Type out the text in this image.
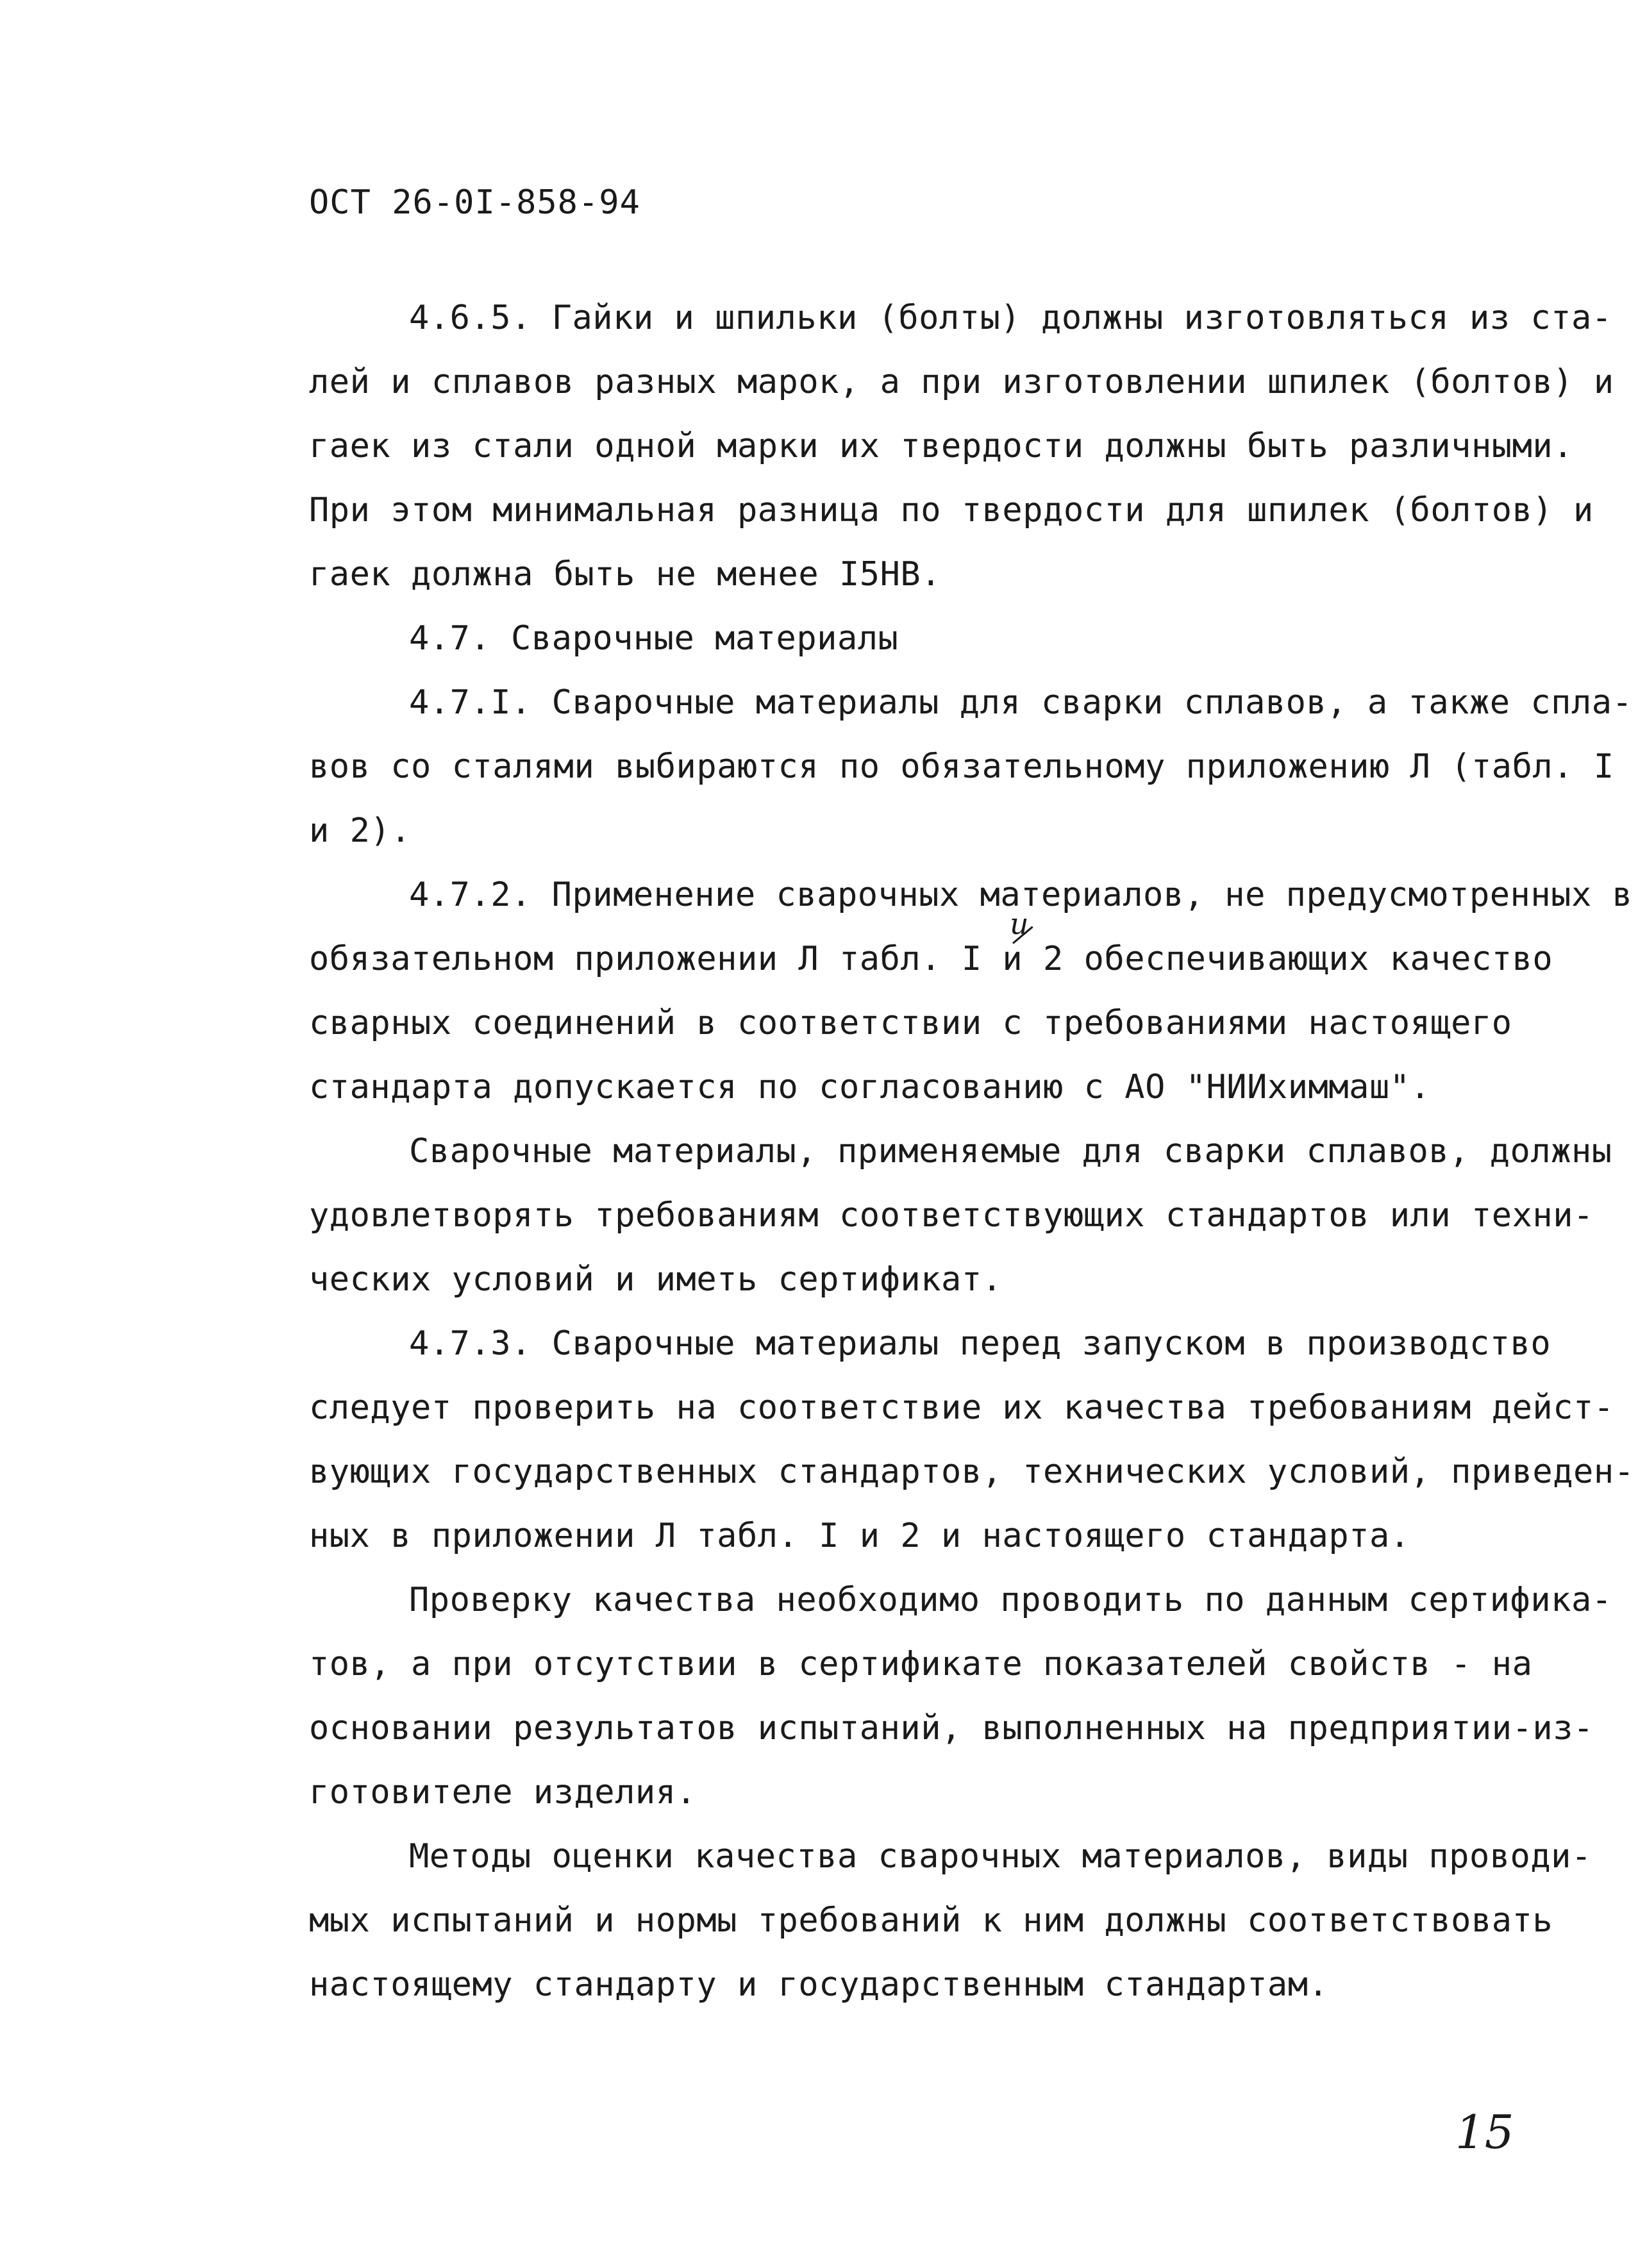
ОСТ 26-0I-858-94
4.6.5. Гайки и шпильки (болты) должны изготовляться из ста-
лей и сплавов разных марок, а при изготовлении шпилек (болтов) и
гаек из стали одной марки их твердости должны быть различными.
При этом минимальная разница по твердости для шпилек (болтов) и
гаек должна быть не менее I5HB.
4.7. Сварочные материалы
4.7.I. Сварочные материалы для сварки сплавов, а также спла-
вов со сталями выбираются по обязательному приложению Л (табл. I
и 2).
4.7.2. Применение сварочных материалов, не предусмотренных в
обязательном приложении Л табл. I и 2 обеспечивающих качество
сварных соединений в соответствии с требованиями настоящего
стандарта допускается по согласованию с АО "НИИхиммаш".
Сварочные материалы, применяемые для сварки сплавов, должны
удовлетворять требованиям соответствующих стандартов или техни-
ческих условий и иметь сертификат.
4.7.3. Сварочные материалы перед запуском в производство
следует проверить на соответствие их качества требованиям дейст-
вующих государственных стандартов, технических условий, приведен-
ных в приложении Л табл. I и 2 и настоящего стандарта.
Проверку качества необходимо проводить по данным сертифика-
тов, а при отсутствии в сертификате показателей свойств - на
основании результатов испытаний, выполненных на предприятии-из-
готовителе изделия.
Методы оценки качества сварочных материалов, виды проводи-
мых испытаний и нормы требований к ним должны соответствовать
настоящему стандарту и государственным стандартам.
и
15
